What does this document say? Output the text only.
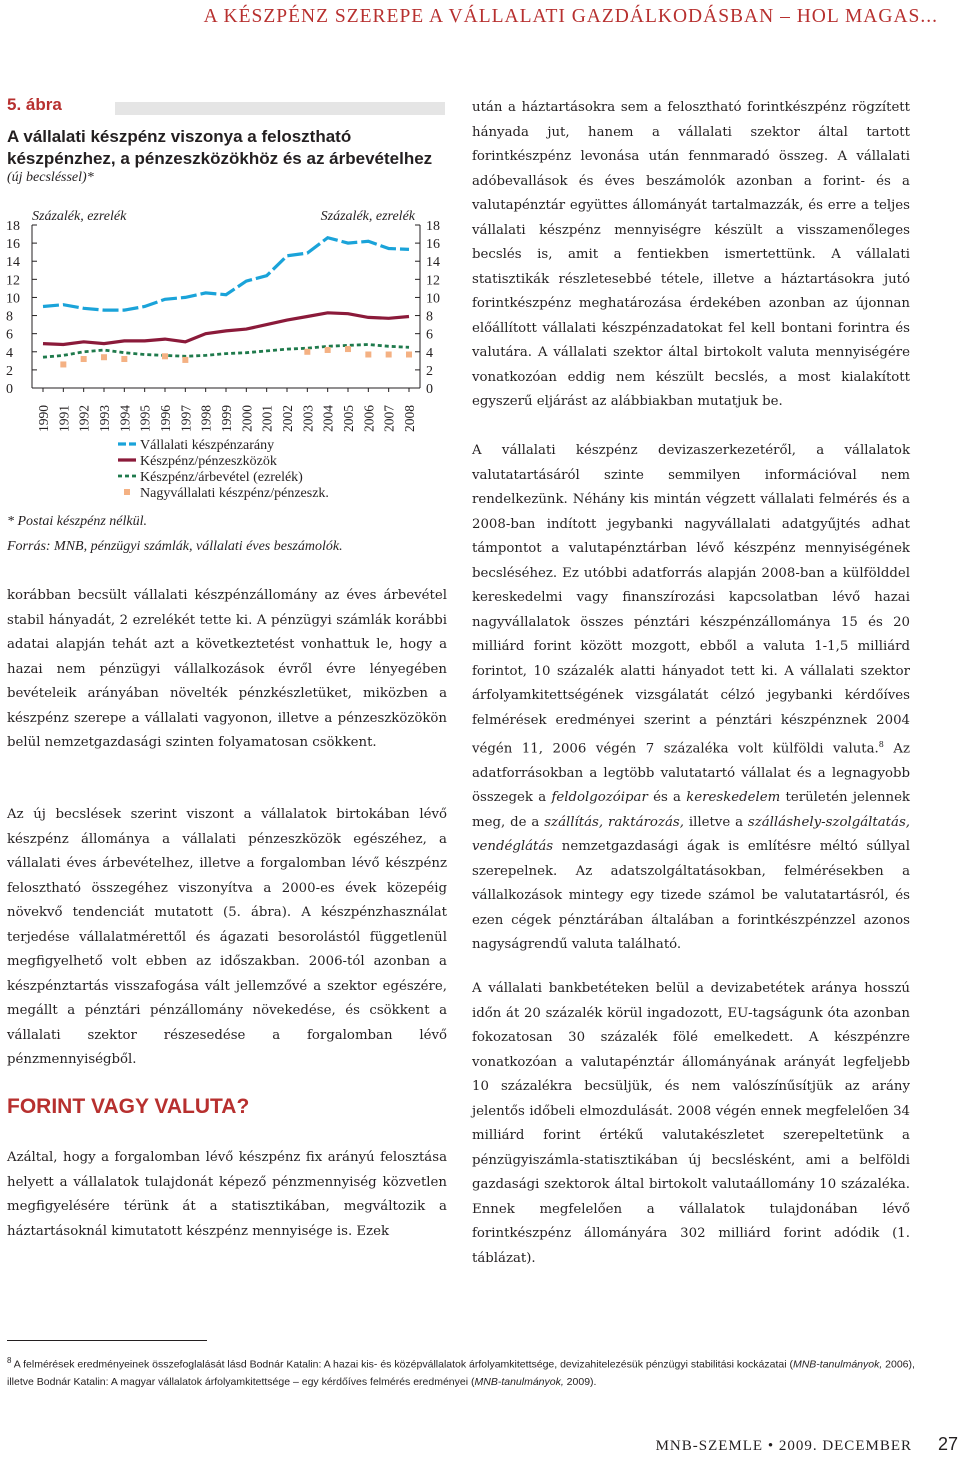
A KÉSZPÉNZ SZEREPE A VÁLLALATI GAZDÁLKODÁSBAN – HOL MAGAS...
5. ábra
A vállalati készpénz viszonya a felosztható készpénzhez, a pénzeszközökhöz és az árbevételhez
(új becsléssel)*
0	0
2	2
4	4
6	6
8	8
10	10
12	12
14	14
16	16
18	18
1990 1991 1992 1993 1994 1995 1996 1997 1998 1999 2000 2001 2002 2003 2004 2005 2006 2007 2008
Százalék, ezrelék	Százalék, ezrelék
Vállalati készpénzarány
Készpénz/pénzeszközök
Készpénz/árbevétel (ezrelék)
Nagyvállalati készpénz/pénzeszk.
* Postai készpénz nélkül.
Forrás: MNB, pénzügyi számlák, vállalati éves beszámolók.

korábban becsült vállalati készpénzállomány az éves árbevétel stabil hányadát, 2 ezrelékét tette ki. A pénzügyi számlák korábbi adatai alapján tehát azt a következtetést vonhattuk le, hogy a hazai nem pénzügyi vállalkozások évről évre lényegében bevételeik arányában növelték pénzkészletüket, miközben a készpénz szerepe a vállalati vagyonon, illetve a pénzeszközökön belül nemzetgazdasági szinten folyamatosan csökkent.

Az új becslések szerint viszont a vállalatok birtokában lévő készpénz állománya a vállalati pénzeszközök egészéhez, a vállalati éves árbevételhez, illetve a forgalomban lévő készpénz felosztható összegéhez viszonyítva a 2000-es évek közepéig növekvő tendenciát mutatott (5. ábra). A készpénzhasználat terjedése vállalatmérettől és ágazati besorolástól függetlenül megfigyelhető volt ebben az időszakban. 2006-tól azonban a készpénztartás visszafogása vált jellemzővé a szektor egészére, megállt a pénztári pénzállomány növekedése, és csökkent a vállalati szektor részesedése a forgalomban lévő pénzmennyiségből.

FORINT VAGY VALUTA?

Azáltal, hogy a forgalomban lévő készpénz fix arányú felosztása helyett a vállalatok tulajdonát képező pénzmennyiség közvetlen megfigyelésére térünk át a statisztikában, megváltozik a háztartásoknál kimutatott készpénz mennyisége is. Ezek

után a háztartásokra sem a felosztható forintkészpénz rögzített hányada jut, hanem a vállalati szektor által tartott forintkészpénz levonása után fennmaradó összeg. A vállalati adóbevallások és éves beszámolók azonban a forint- és a valutapénztár együttes állományát tartalmazzák, és erre a teljes vállalati készpénz mennyiségre készült a visszamenőleges becslés is, amit a fentiekben ismertettünk. A vállalati statisztikák részletesebbé tétele, illetve a háztartásokra jutó forintkészpénz meghatározása érdekében azonban az újonnan előállított vállalati készpénzadatokat fel kell bontani forintra és valutára. A vállalati szektor által birtokolt valuta mennyiségére vonatkozóan eddig nem készült becslés, a most kialakított egyszerű eljárást az alábbiakban mutatjuk be.

A vállalati készpénz devizaszerkezetéről, a vállalatok valutatartásáról szinte semmilyen információval nem rendelkezünk. Néhány kis mintán végzett vállalati felmérés és a 2008-ban indított jegybanki nagyvállalati adatgyűjtés adhat támpontot a valutapénztárban lévő készpénz mennyiségének becsléséhez. Ez utóbbi adatforrás alapján 2008-ban a külfölddel kereskedelmi vagy finanszírozási kapcsolatban lévő hazai nagyvállalatok összes pénztári készpénzállománya 15 és 20 milliárd forint között mozgott, ebből a valuta 1-1,5 milliárd forintot, 10 százalék alatti hányadot tett ki. A vállalati szektor árfolyamkitettségének vizsgálatát célzó jegybanki kérdőíves felmérések eredményei szerint a pénztári készpénznek 2004 végén 11, 2006 végén 7 százaléka volt külföldi valuta.$^8$ Az adatforrásokban a legtöbb valutatartó vállalat és a legnagyobb összegek a feldolgozóipar és a kereskedelem területén jelennek meg, de a szállítás, raktározás, illetve a szálláshely-szolgáltatás, vendéglátás nemzetgazdasági ágak is említésre méltó súllyal szerepelnek. Az adatszolgáltatásokban, felmérésekben a vállalkozások mintegy egy tizede számol be valutatartásról, és ezen cégek pénztárában általában a forintkészpénzzel azonos nagyságrendű valuta található.

A vállalati bankbetéteken belül a devizabetétek aránya hosszú időn át 20 százalék körül ingadozott, EU-tagságunk óta azonban fokozatosan 30 százalék fölé emelkedett. A készpénzre vonatkozóan a valutapénztár állományának arányát legfeljebb 10 százalékra becsüljük, és nem valószínűsítjük az arány jelentős időbeli elmozdulását. 2008 végén ennek megfelelően 34 milliárd forint értékű valutakészletet szerepeltetünk a pénzügyiszámla-statisztikában új becslésként, ami a belföldi gazdasági szektorok által birtokolt valutaállomány 10 százaléka. Ennek megfelelően a vállalatok tulajdonában lévő forintkészpénz állományára 302 milliárd forint adódik (1. táblázat).

$^8$ A felmérések eredményeinek összefoglalását lásd Bodnár Katalin: A hazai kis- és középvállalatok árfolyamkitettsége, devizahitelezésük pénzügyi stabilitási kockázatai (MNB-tanulmányok, 2006), illetve Bodnár Katalin: A magyar vállalatok árfolyamkitettsége – egy kérdőíves felmérés eredményei (MNB-tanulmányok, 2009).

MNB-SZEMLE • 2009. DECEMBER 27
